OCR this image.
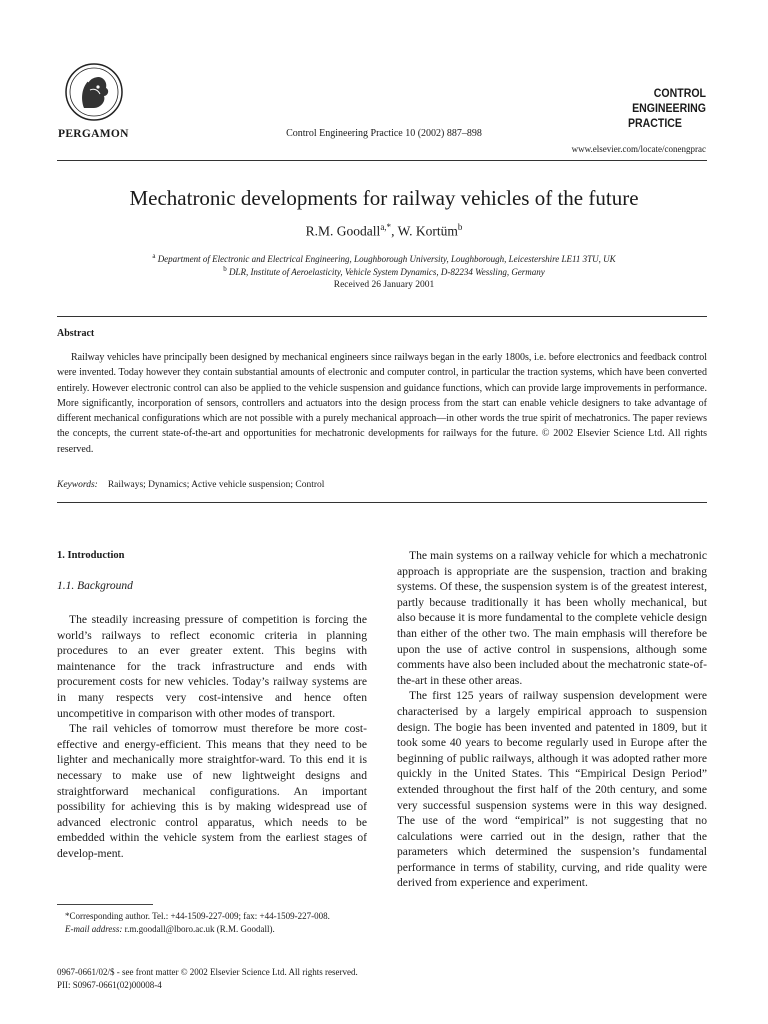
PERGAMON	Control Engineering Practice 10 (2002) 887–898
CONTROL ENGINEERING
PRACTICE
www.elsevier.com/locate/conengprac
Mechatronic developments for railway vehicles of the future
R.M. Goodall$^{a,*}$, W. Kortüm$^b$
$^a$ Department of Electronic and Electrical Engineering, Loughborough University, Loughborough, Leicestershire LE11 3TU, UK
$^b$ DLR, Institute of Aeroelasticity, Vehicle System Dynamics, D-82234 Wessling, Germany
Received 26 January 2001
Abstract
Railway vehicles have principally been designed by mechanical engineers since railways began in the early 1800s, i.e. before electronics and feedback control were invented. Today however they contain substantial amounts of electronic and computer control, in particular the traction systems, which have been converted entirely. However electronic control can also be applied to the vehicle suspension and guidance functions, which can provide large improvements in performance. More significantly, incorporation of sensors, controllers and actuators into the design process from the start can enable vehicle designers to take advantage of different mechanical configurations which are not possible with a purely mechanical approach—in other words the true spirit of mechatronics. The paper reviews the concepts, the current state-of-the-art and opportunities for mechatronic developments for railways for the future. © 2002 Elsevier Science Ltd. All rights reserved.
Keywords: Railways; Dynamics; Active vehicle suspension; Control
1. Introduction
1.1. Background

The steadily increasing pressure of competition is forcing the world’s railways to reflect economic criteria in planning procedures to an ever greater extent. This begins with maintenance for the track infrastructure and ends with procurement costs for new vehicles. Today’s railway systems are in many respects very cost-intensive and hence often uncompetitive in comparison with other modes of transport.

The rail vehicles of tomorrow must therefore be more cost-effective and energy-efficient. This means that they need to be lighter and mechanically more straightfor-ward. To this end it is necessary to make use of new lightweight designs and straightforward mechanical configurations. An important possibility for achieving this is by making widespread use of advanced electronic control apparatus, which needs to be embedded within the vehicle system from the earliest stages of develop-ment.

The main systems on a railway vehicle for which a mechatronic approach is appropriate are the suspension, traction and braking systems. Of these, the suspension system is of the greatest interest, partly because traditionally it has been wholly mechanical, but also because it is more fundamental to the complete vehicle design than either of the other two. The main emphasis will therefore be upon the use of active control in suspensions, although some comments have also been included about the mechatronic state-of-the-art in these other areas.

The first 125 years of railway suspension development were characterised by a largely empirical approach to suspension design. The bogie has been invented and patented in 1809, but it took some 40 years to become regularly used in Europe after the beginning of public railways, although it was adopted rather more quickly in the United States. This “Empirical Design Period” extended throughout the first half of the 20th century, and some very successful suspension systems were in this way designed. The use of the word “empirical” is not suggesting that no calculations were carried out in the design, rather that the parameters which determined the suspension’s fundamental performance in terms of stability, curving, and ride quality were derived from experience and experiment.

*Corresponding author. Tel.: +44-1509-227-009; fax: +44-1509-227-008.

E-mail address: r.m.goodall@lboro.ac.uk (R.M. Goodall).

0967-0661/02/$ - see front matter © 2002 Elsevier Science Ltd. All rights reserved.
PII: S0967-0661(02)00008-4
